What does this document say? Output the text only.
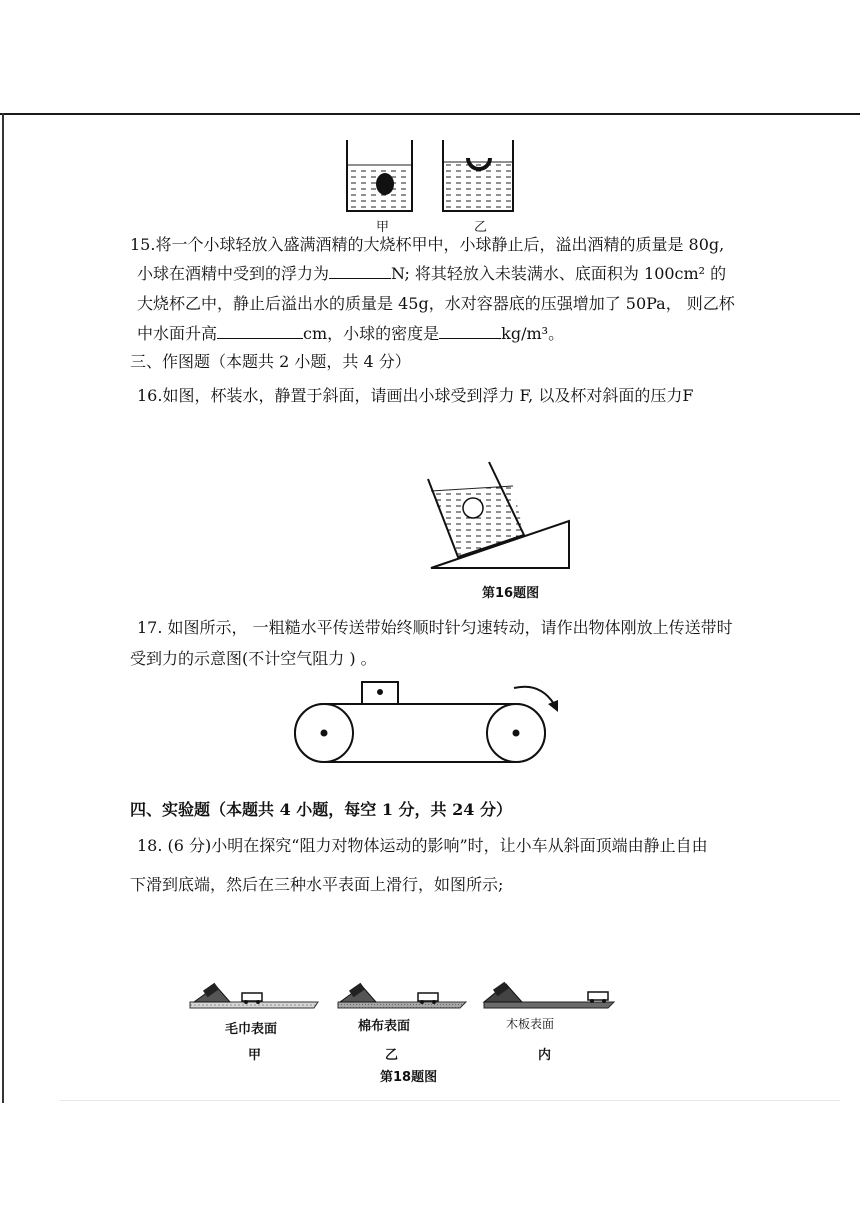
甲	乙
15.将一个小球轻放入盛满酒精的大烧杯甲中，小球静止后，溢出酒精的质量是 80g,
小球在酒精中受到的浮力为	N; 将其轻放入未装满水、底面积为 100cm² 的
大烧杯乙中，静止后溢出水的质量是 45g，水对容器底的压强增加了 50Pa， 则乙杯
中水面升高	cm，小球的密度是	kg/m³。
三、作图题（本题共 2 小题，共 4 分）
16.如图，杯装水，静置于斜面，请画出小球受到浮力 F, 以及杯对斜面的压力F
第16题图
17. 如图所示， 一粗糙水平传送带始终顺时针匀速转动，请作出物体刚放上传送带时
受到力的示意图(不计空气阻力 ) 。
四、实验题（本题共 4 小题，每空 1 分，共 24 分）
18. (6 分)小明在探究“阻力对物体运动的影响”时，让小车从斜面顶端由静止自由
下滑到底端，然后在三种水平表面上滑行，如图所示;
毛巾表面	棉布表面	木板表面
甲	乙	内
第18题图
